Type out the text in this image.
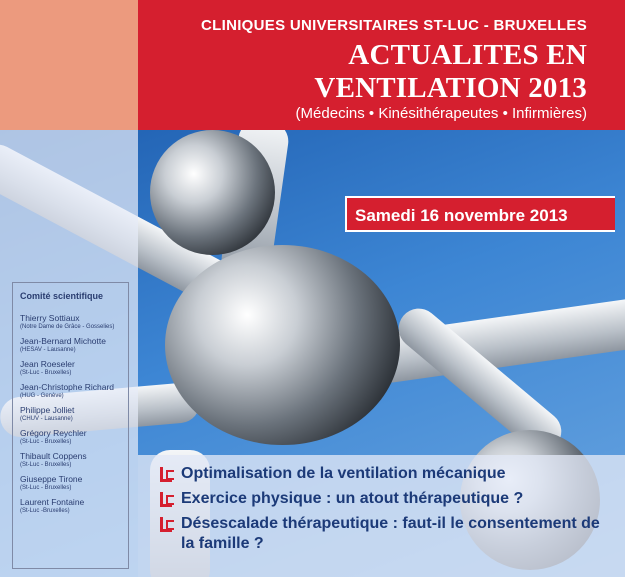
CLINIQUES UNIVERSITAIRES ST-LUC - BRUXELLES
ACTUALITES EN VENTILATION 2013
(Médecins • Kinésithérapeutes • Infirmières)
Comité scientifique
Thierry Sottiaux
(Notre Dame de Grâce - Gosselies)
Jean-Bernard Michotte
(HESAV - Lausanne)
Jean Roeseler
(St-Luc - Bruxelles)
Jean-Christophe Richard
(HUG - Genève)
Philippe Jolliet
(CHUV - Lausanne)
Grégory Reychler
(St-Luc - Bruxelles)
Thibault Coppens
(St-Luc - Bruxelles)
Giuseppe Tirone
(St-Luc - Bruxelles)
Laurent Fontaine
(St-Luc -Bruxelles)
Samedi 16 novembre 2013
Optimalisation de la ventilation mécanique
Exercice physique : un atout thérapeutique ?
Désescalade thérapeutique : faut-il le consentement de la famille ?
